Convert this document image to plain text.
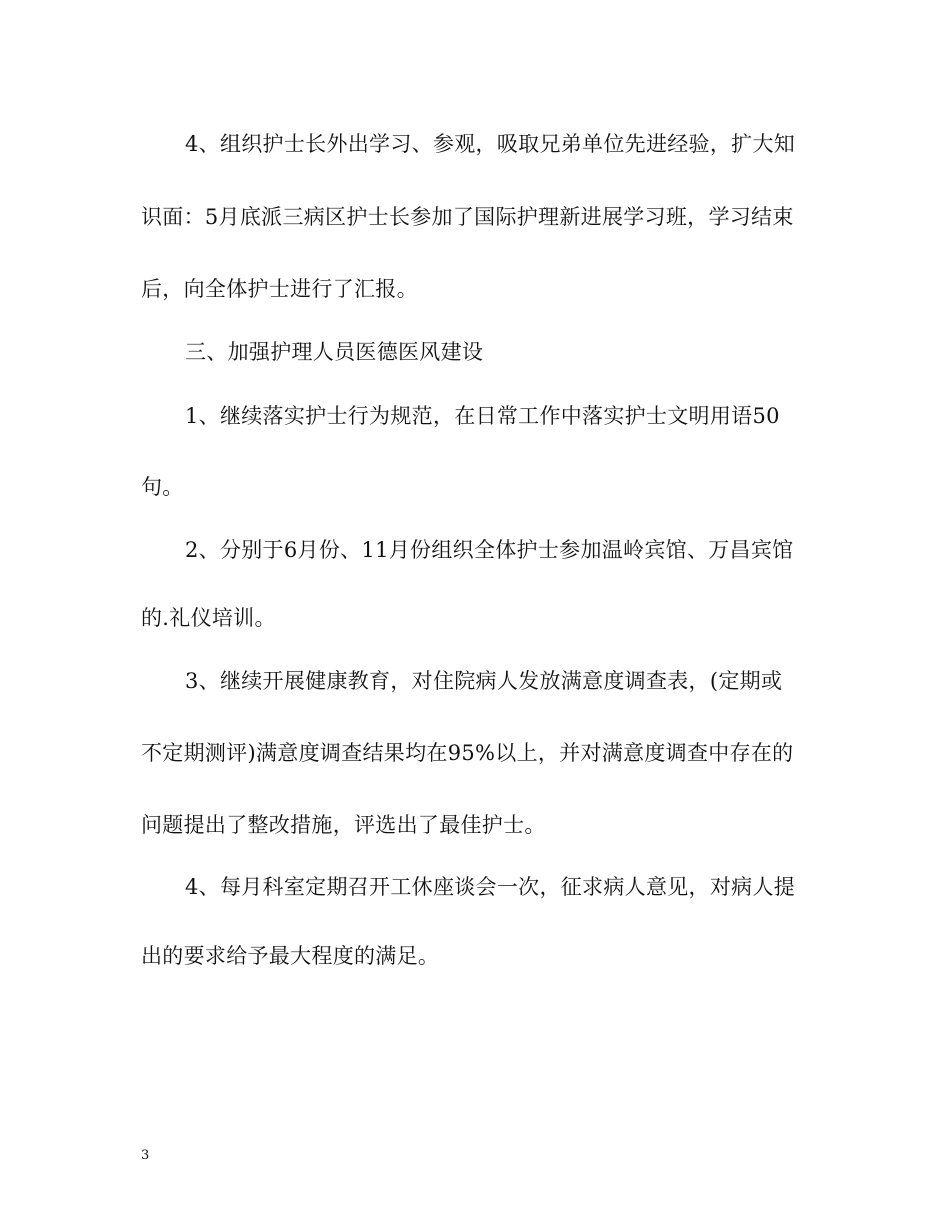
4、组织护士长外出学习、参观，吸取兄弟单位先进经验，扩大知
识面：5月底派三病区护士长参加了国际护理新进展学习班，学习结束
后，向全体护士进行了汇报。
三、加强护理人员医德医风建设
1、继续落实护士行为规范，在日常工作中落实护士文明用语50
句。
2、分别于6月份、11月份组织全体护士参加温岭宾馆、万昌宾馆
的.礼仪培训。
3、继续开展健康教育，对住院病人发放满意度调查表，(定期或
不定期测评)满意度调查结果均在95%以上，并对满意度调查中存在的
问题提出了整改措施，评选出了最佳护士。
4、每月科室定期召开工休座谈会一次，征求病人意见，对病人提
出的要求给予最大程度的满足。
3
